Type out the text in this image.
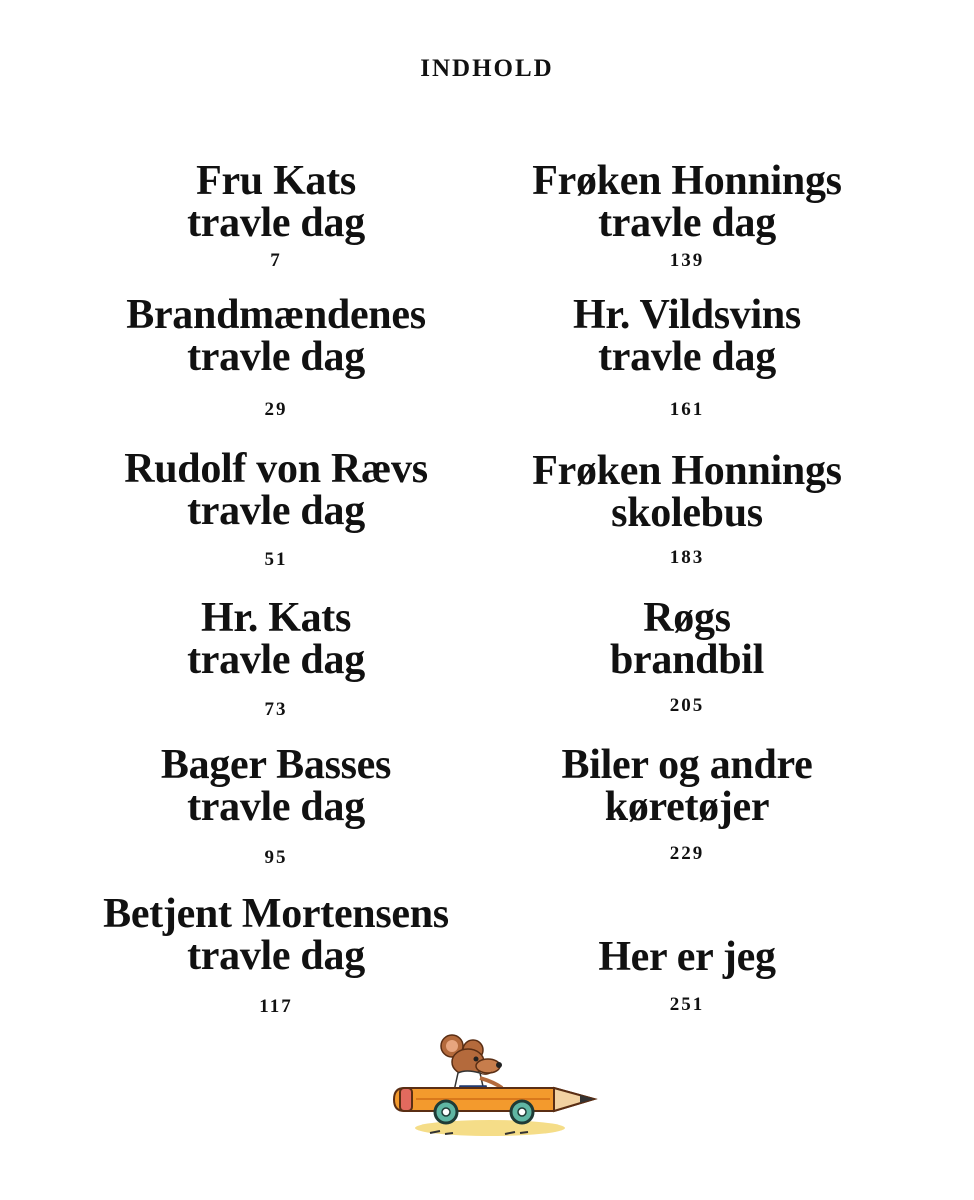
INDHOLD
Fru Kats
travle dag
7
Brandmændenes
travle dag
29
Rudolf von Rævs
travle dag
51
Hr. Kats
travle dag
73
Bager Basses
travle dag
95
Betjent Mortensens
travle dag
117
Frøken Honnings
travle dag
139
Hr. Vildsvins
travle dag
161
Frøken Honnings
skolebus
183
Røgs
brandbil
205
Biler og andre
køretøjer
229
Her er jeg
251
